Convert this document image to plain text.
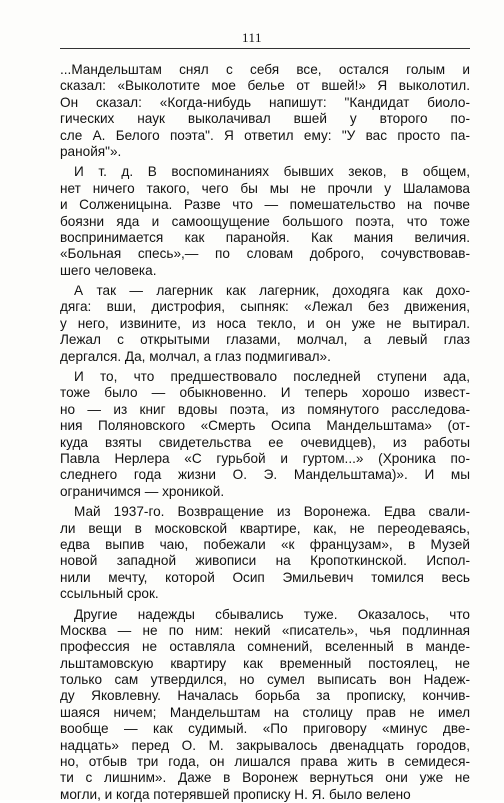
111
...Мандельштам снял с себя все, остался голым и
сказал: «Выколотите мое белье от вшей!» Я выколотил.
Он сказал: «Когда-нибудь напишут: "Кандидат биоло-
гических наук выколачивал вшей у второго по-
сле А. Белого поэта". Я ответил ему: "У вас просто па-
ранойя"».
И т. д. В воспоминаниях бывших зеков, в общем,
нет ничего такого, чего бы мы не прочли у Шаламова
и Солженицына. Разве что — помешательство на почве
боязни яда и самоощущение большого поэта, что тоже
воспринимается как паранойя. Как мания величия.
«Больная спесь»,— по словам доброго, сочувствовав-
шего человека.
А так — лагерник как лагерник, доходяга как дохо-
дяга: вши, дистрофия, сыпняк: «Лежал без движения,
у него, извините, из носа текло, и он уже не вытирал.
Лежал с открытыми глазами, молчал, а левый глаз
дергался. Да, молчал, а глаз подмигивал».
И то, что предшествовало последней ступени ада,
тоже было — обыкновенно. И теперь хорошо извест-
но — из книг вдовы поэта, из помянутого расследова-
ния Поляновского «Смерть Осипа Мандельштама» (от-
куда взяты свидетельства ее очевидцев), из работы
Павла Нерлера «С гурьбой и гуртом...» (Хроника по-
следнего года жизни О. Э. Мандельштама)». И мы
ограничимся — хроникой.
Май 1937-го. Возвращение из Воронежа. Едва свали-
ли вещи в московской квартире, как, не переодеваясь,
едва выпив чаю, побежали «к французам», в Музей
новой западной живописи на Кропоткинской. Испол-
нили мечту, которой Осип Эмильевич томился весь
ссыльный срок.
Другие надежды сбывались туже. Оказалось, что
Москва — не по ним: некий «писатель», чья подлинная
профессия не оставляла сомнений, вселенный в манде-
льштамовскую квартиру как временный постоялец, не
только сам утвердился, но сумел выписать вон Надеж-
ду Яковлевну. Началась борьба за прописку, кончив-
шаяся ничем; Мандельштам на столицу прав не имел
вообще — как судимый. «По приговору «минус две-
надцать» перед О. М. закрывалось двенадцать городов,
но, отбыв три года, он лишался права жить в семидеся-
ти с лишним». Даже в Воронеж вернуться они уже не
могли, и когда потерявшей прописку Н. Я. было велено
